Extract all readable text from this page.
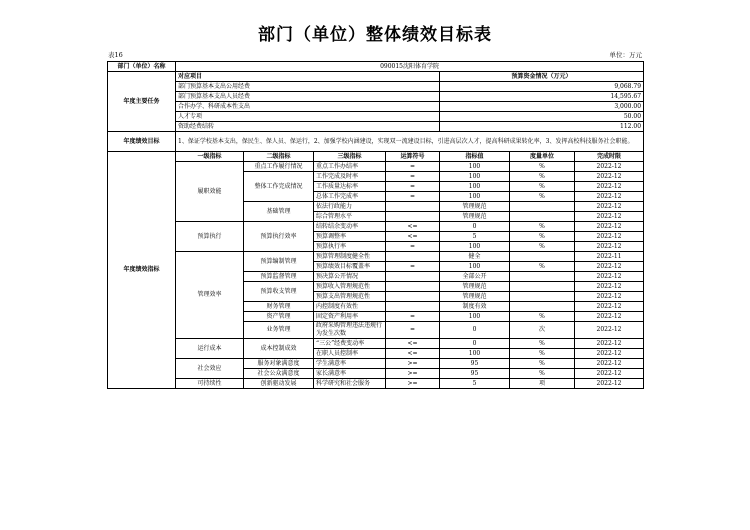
部门（单位）整体绩效目标表
表16	单位：万元
部门（单位）名称	090015沈阳体育学院						
年度主要任务	对应项目				预算资金情况（万元）		
	部门预算基本支出公用经费				9,068.79		
	部门预算基本支出人员经费				14,595.67		
	合作办学、科研成本性支出				3,000.00		
	人才专项				50.00		
	资助经费结转				112.00		
年度绩效目标	1、保证学校基本支出，保民生、保人员、保运行，2、加强学校内涵建设，实现双一流建设目标，引进高层次人才，提高科研成果转化率，3、发挥高校科技服务社会职能。						
年度绩效指标	一级指标	二级指标	三级指标	运算符号	指标值	度量单位	完成时限
	履职效能	重点工作履行情况	重点工作办结率	=	100	%	2022-12
		整体工作完成情况	工作完成及时率	=	100	%	2022-12
			工作质量达标率	=	100	%	2022-12
			总体工作完成率	=	100	%	2022-12
		基础管理	依法行政能力		管理规范		2022-12
			综合管理水平		管理规范		2022-12
	预算执行	预算执行效率	结转结余变动率	<=	0	%	2022-12
			预算调整率	<=	5	%	2022-12
			预算执行率	=	100	%	2022-12
	管理效率	预算编制管理	预算管理制度健全性		健全		2022-11
			预算绩效目标覆盖率	=	100	%	2022-12
		预算监督管理	预决算公开情况		全部公开		2022-12
		预算收支管理	预算收入管理规范性		管理规范		2022-12
			预算支出管理规范性		管理规范		2022-12
		财务管理	内控制度有效性		制度有效		2022-12
		资产管理	固定资产利用率	=	100	%	2022-12
		业务管理	政府采购管理违法违规行为发生次数	=	0	次	2022-12
	运行成本	成本控制成效	“三公”经费变动率	<=	0	%	2022-12
			在职人员控制率	<=	100	%	2022-12
	社会效应	服务对象满意度	学生满意率	>=	95	%	2022-12
		社会公众满意度	家长满意率	>=	95	%	2022-12
	可持续性	创新驱动发展	科学研究和社会服务	>=	5	项	2022-12
